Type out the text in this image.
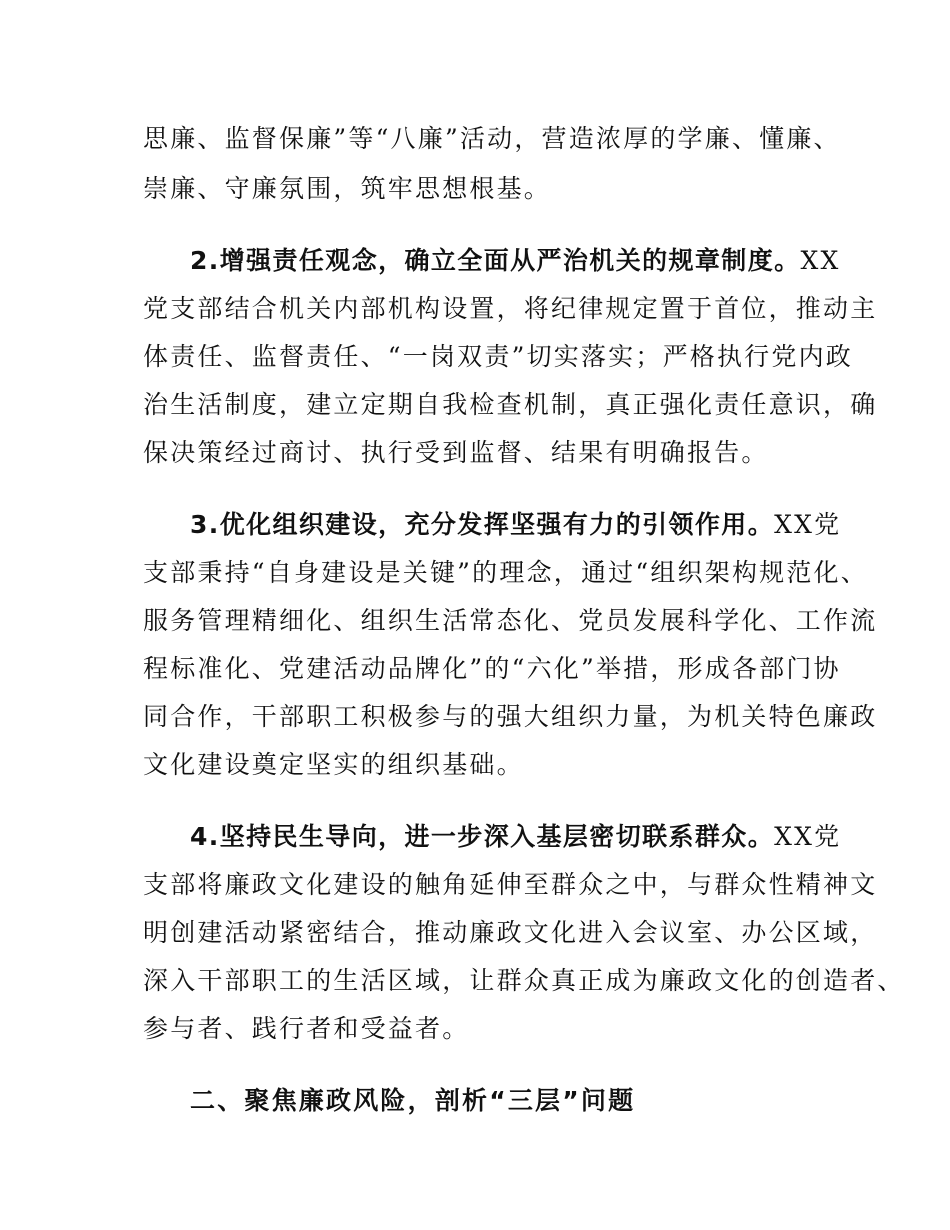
思廉、监督保廉”等“八廉”活动，营造浓厚的学廉、懂廉、
崇廉、守廉氛围，筑牢思想根基。
2.增强责任观念，确立全面从严治机关的规章制度。XX
党支部结合机关内部机构设置，将纪律规定置于首位，推动主
体责任、监督责任、“一岗双责”切实落实；严格执行党内政
治生活制度，建立定期自我检查机制，真正强化责任意识，确
保决策经过商讨、执行受到监督、结果有明确报告。
3.优化组织建设，充分发挥坚强有力的引领作用。XX党
支部秉持“自身建设是关键”的理念，通过“组织架构规范化、
服务管理精细化、组织生活常态化、党员发展科学化、工作流
程标准化、党建活动品牌化”的“六化”举措，形成各部门协
同合作，干部职工积极参与的强大组织力量，为机关特色廉政
文化建设奠定坚实的组织基础。
4.坚持民生导向，进一步深入基层密切联系群众。XX党
支部将廉政文化建设的触角延伸至群众之中，与群众性精神文
明创建活动紧密结合，推动廉政文化进入会议室、办公区域，
深入干部职工的生活区域，让群众真正成为廉政文化的创造者、
参与者、践行者和受益者。
二、聚焦廉政风险，剖析“三层”问题
